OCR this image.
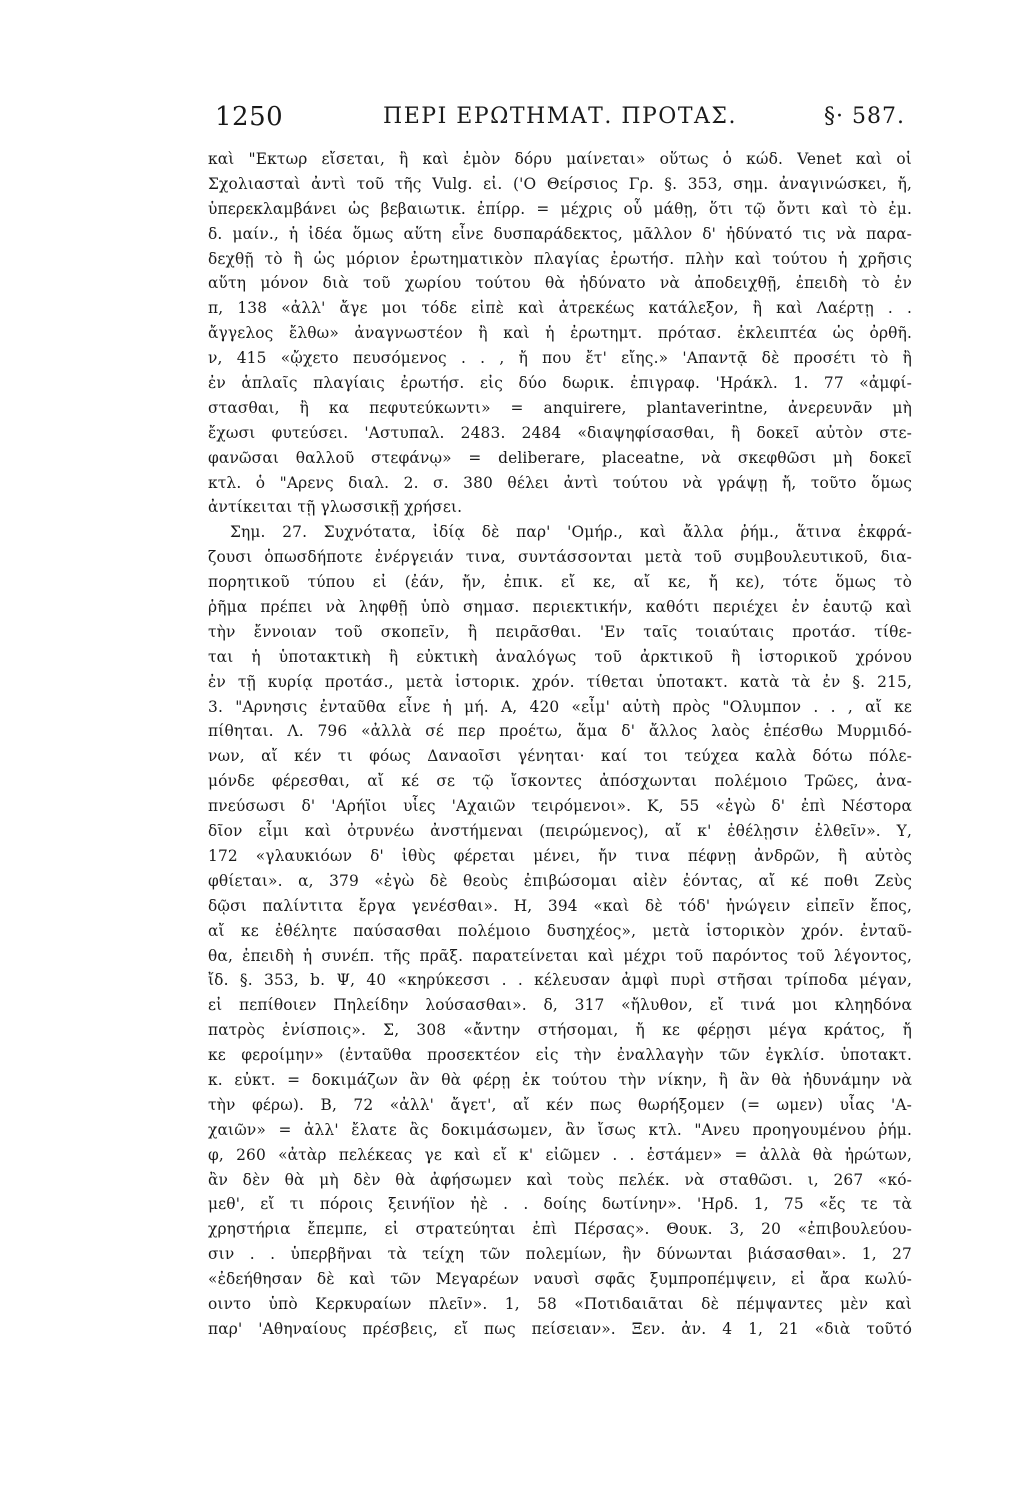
1250	ΠΕΡΙ ΕΡΩΤΗΜΑΤ. ΠΡΟΤΑΣ.	§· 587.
καὶ "Εκτωρ εἴσεται, ἢ καὶ ἐμὸν δόρυ μαίνεται» οὕτως ὁ κώδ. Venet καὶ οἱ
Σχολιασταὶ ἀντὶ τοῦ τῆς Vulg. εἰ. ('Ο Θείρσιος Γρ. §. 353, σημ. ἀναγινώσκει, ἤ,
ὑπερεκλαμβάνει ὡς βεβαιωτικ. ἐπίρρ. = μέχρις οὗ μάθῃ, ὅτι τῷ ὄντι καὶ τὸ ἐμ.
δ. μαίν., ἡ ἰδέα ὅμως αὕτη εἶνε δυσπαράδεκτος, μᾶλλον δ' ἠδύνατό τις νὰ παρα-
δεχθῇ τὸ ἢ ὡς μόριον ἐρωτηματικὸν πλαγίας ἐρωτήσ. πλὴν καὶ τούτου ἡ χρῆσις
αὕτη μόνον διὰ τοῦ χωρίου τούτου θὰ ἠδύνατο νὰ ἀποδειχθῇ, ἐπειδὴ τὸ ἐν
π, 138 «ἀλλ' ἄγε μοι τόδε εἰπὲ καὶ ἀτρεκέως κατάλεξον, ἢ καὶ Λαέρτῃ . .
ἄγγελος ἔλθω» ἀναγνωστέον ἢ καὶ ἡ ἐρωτημτ. πρότασ. ἐκλειπτέα ὡς ὀρθῆ.
ν, 415 «ᾤχετο πευσόμενος . . , ἤ που ἔτ' εἴης.» 'Απαντᾷ δὲ προσέτι τὸ ἢ
ἐν ἁπλαῖς πλαγίαις ἐρωτήσ. εἰς δύο δωρικ. ἐπιγραφ. 'Ηράκλ. 1. 77 «ἀμφί-
στασθαι, ἢ κα πεφυτεύκωντι» = anquirere, plantaverintne, ἀνερευνᾶν μὴ
ἔχωσι φυτεύσει. 'Αστυπαλ. 2483. 2484 «διαψηφίσασθαι, ἢ δοκεῖ αὐτὸν στε-
φανῶσαι θαλλοῦ στεφάνῳ» = deliberare, placeatne, νὰ σκεφθῶσι μὴ δοκεῖ
κτλ. ὁ "Αρενς διαλ. 2. σ. 380 θέλει ἀντὶ τούτου νὰ γράψῃ ἤ, τοῦτο ὅμως
ἀντίκειται τῇ γλωσσικῇ χρήσει.
Σημ. 27. Συχνότατα, ἰδίᾳ δὲ παρ' 'Ομήρ., καὶ ἄλλα ῥήμ., ἅτινα ἐκφρά-
ζουσι ὁπωσδήποτε ἐνέργειάν τινα, συντάσσονται μετὰ τοῦ συμβουλευτικοῦ, δια-
πορητικοῦ τύπου εἰ (ἐάν, ἤν, ἐπικ. εἴ κε, αἴ κε, ἤ κε), τότε ὅμως τὸ
ῥῆμα πρέπει νὰ ληφθῇ ὑπὸ σημασ. περιεκτικήν, καθότι περιέχει ἐν ἑαυτῷ καὶ
τὴν ἔννοιαν τοῦ σκοπεῖν, ἢ πειρᾶσθαι. 'Εν ταῖς τοιαύταις προτάσ. τίθε-
ται ἡ ὑποτακτικὴ ἢ εὐκτικὴ ἀναλόγως τοῦ ἀρκτικοῦ ἢ ἱστορικοῦ χρόνου
ἐν τῇ κυρίᾳ προτάσ., μετὰ ἱστορικ. χρόν. τίθεται ὑποτακτ. κατὰ τὰ ἐν §. 215,
3. "Αρνησις ἐνταῦθα εἶνε ἡ μή. Α, 420 «εἶμ' αὐτὴ πρὸς "Ολυμπον . . , αἴ κε
πίθηται. Λ. 796 «ἀλλὰ σέ περ προέτω, ἅμα δ' ἄλλος λαὸς ἑπέσθω Μυρμιδό-
νων, αἴ κέν τι φόως Δαναοῖσι γένηται· καί τοι τεύχεα καλὰ δότω πόλε-
μόνδε φέρεσθαι, αἴ κέ σε τῷ ἴσκοντες ἀπόσχωνται πολέμοιο Τρῶες, ἀνα-
πνεύσωσι δ' 'Αρήϊοι υἷες 'Αχαιῶν τειρόμενοι». Κ, 55 «ἐγὼ δ' ἐπὶ Νέστορα
δῖον εἶμι καὶ ὀτρυνέω ἀνστήμεναι (πειρώμενος), αἴ κ' ἐθέλῃσιν ἐλθεῖν». Υ,
172 «γλαυκιόων δ' ἰθὺς φέρεται μένει, ἤν τινα πέφνῃ ἀνδρῶν, ἢ αὐτὸς
φθίεται». α, 379 «ἐγὼ δὲ θεοὺς ἐπιβώσομαι αἰὲν ἐόντας, αἴ κέ ποθι Ζεὺς
δῷσι παλίντιτα ἔργα γενέσθαι». Η, 394 «καὶ δὲ τόδ' ἠνώγειν εἰπεῖν ἔπος,
αἴ κε ἐθέλητε παύσασθαι πολέμοιο δυσηχέος», μετὰ ἱστορικὸν χρόν. ἐνταῦ-
θα, ἐπειδὴ ἡ συνέπ. τῆς πρᾶξ. παρατείνεται καὶ μέχρι τοῦ παρόντος τοῦ λέγοντος,
ἴδ. §. 353, b. Ψ, 40 «κηρύκεσσι . . κέλευσαν ἀμφὶ πυρὶ στῆσαι τρίποδα μέγαν,
εἰ πεπίθοιεν Πηλείδην λούσασθαι». δ, 317 «ἤλυθον, εἴ τινά μοι κληηδόνα
πατρὸς ἐνίσποις». Σ, 308 «ἄντην στήσομαι, ἤ κε φέρῃσι μέγα κράτος, ἤ
κε φεροίμην» (ἐνταῦθα προσεκτέον εἰς τὴν ἐναλλαγὴν τῶν ἐγκλίσ. ὑποτακτ.
κ. εὐκτ. = δοκιμάζων ἂν θὰ φέρῃ ἐκ τούτου τὴν νίκην, ἢ ἂν θὰ ἠδυνάμην νὰ
τὴν φέρω). Β, 72 «ἀλλ' ἄγετ', αἴ κέν πως θωρήξομεν (= ωμεν) υἷας 'Α-
χαιῶν» = ἀλλ' ἔλατε ἂς δοκιμάσωμεν, ἂν ἴσως κτλ. "Ανευ προηγουμένου ῥήμ.
φ, 260 «ἀτὰρ πελέκεας γε καὶ εἴ κ' εἰῶμεν . . ἑστάμεν» = ἀλλὰ θὰ ἠρώτων,
ἂν δὲν θὰ μὴ δὲν θὰ ἀφήσωμεν καὶ τοὺς πελέκ. νὰ σταθῶσι. ι, 267 «κό-
μεθ', εἴ τι πόροις ξεινήϊον ἠὲ . . δοίης δωτίνην». 'Ηρδ. 1, 75 «ἔς τε τὰ
χρηστήρια ἔπεμπε, εἰ στρατεύηται ἐπὶ Πέρσας». Θουκ. 3, 20 «ἐπιβουλεύου-
σιν . . ὑπερβῆναι τὰ τείχη τῶν πολεμίων, ἢν δύνωνται βιάσασθαι». 1, 27
«ἐδεήθησαν δὲ καὶ τῶν Μεγαρέων ναυσὶ σφᾶς ξυμπροπέμψειν, εἰ ἄρα κωλύ-
οιντο ὑπὸ Κερκυραίων πλεῖν». 1, 58 «Ποτιδαιᾶται δὲ πέμψαντες μὲν καὶ
παρ' 'Αθηναίους πρέσβεις, εἴ πως πείσειαν». Ξεν. ἀν. 4 1, 21 «διὰ τοῦτό
